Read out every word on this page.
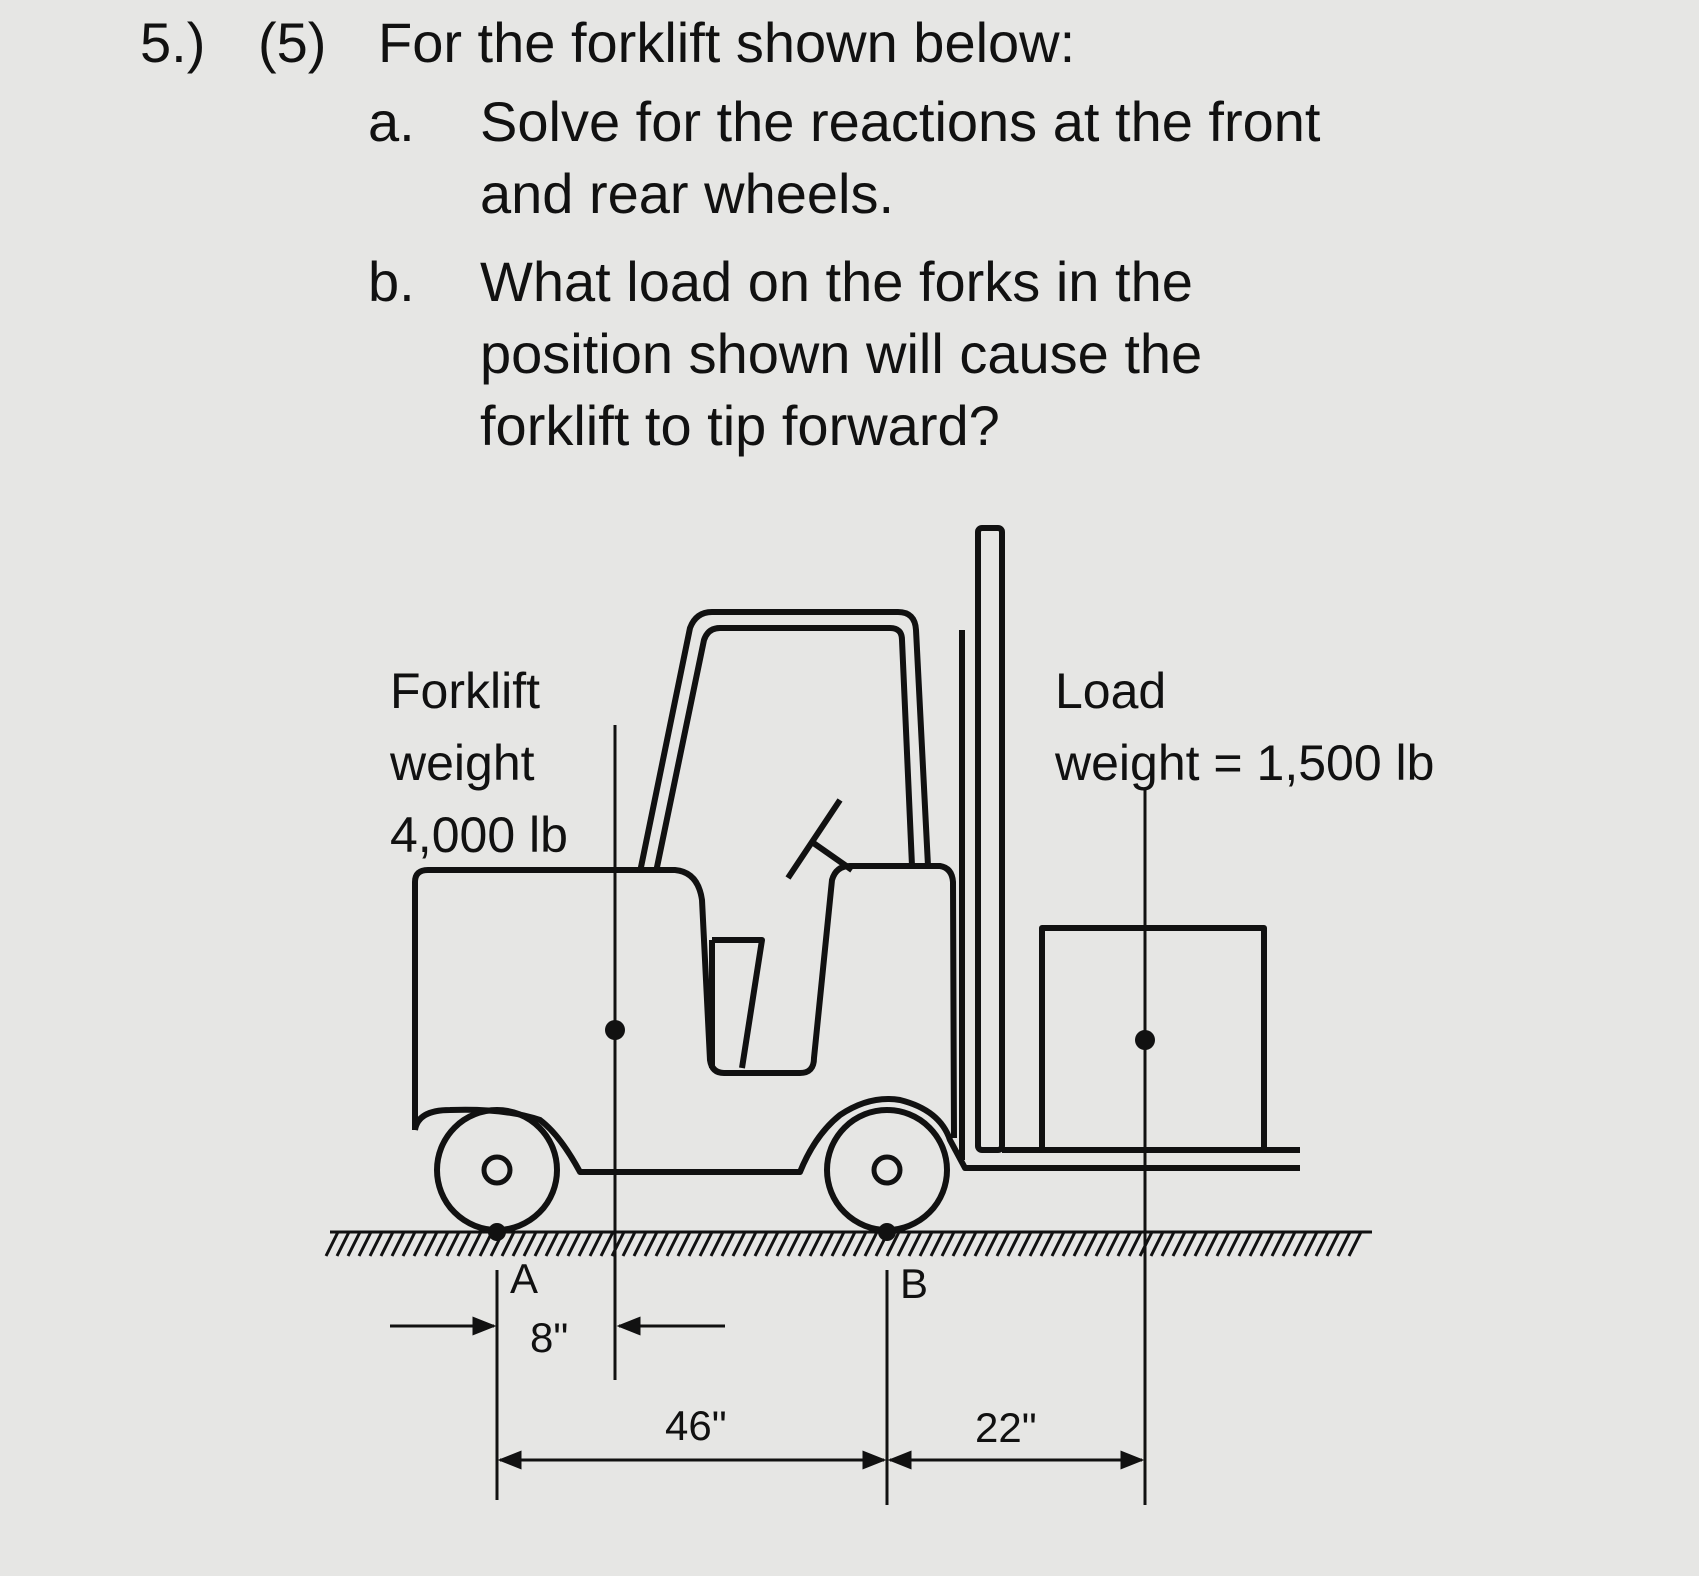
5.) (5) For the forklift shown below:
a.	Solve for the reactions at the front
and rear wheels.
b.	What load on the forks in the
position shown will cause the
forklift to tip forward?
Forklift
weight
4,000 lb
Load
weight = 1,500 lb
A	B
8"
46"	22"
